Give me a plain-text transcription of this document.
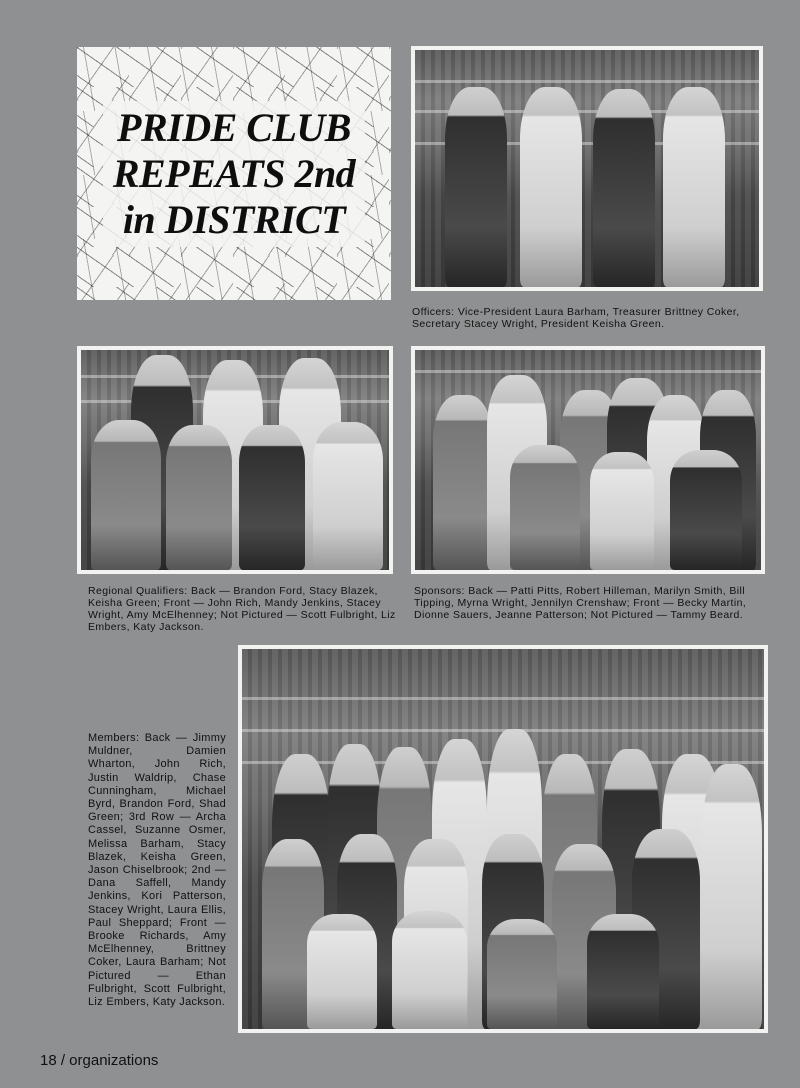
PRIDE CLUB

REPEATS 2nd

in DISTRICT

Officers: Vice-President Laura Barham, Treasurer Brittney Coker, Secretary Stacey Wright, President Keisha Green.

Regional Qualifiers: Back — Brandon Ford, Stacy Blazek, Keisha Green; Front — John Rich, Mandy Jenkins, Stacey Wright, Amy McElhenney; Not Pictured — Scott Fulbright, Liz Embers, Katy Jackson.

Sponsors: Back — Patti Pitts, Robert Hilleman, Marilyn Smith, Bill Tipping, Myrna Wright, Jennilyn Crenshaw; Front — Becky Martin, Dionne Sauers, Jeanne Patterson; Not Pictured — Tammy Beard.

Members: Back — Jimmy Muldner, Damien Wharton, John Rich, Justin Waldrip, Chase Cunningham, Michael Byrd, Brandon Ford, Shad Green; 3rd Row — Archa Cassel, Suzanne Osmer, Melissa Barham, Stacy Blazek, Keisha Green, Jason Chiselbrook; 2nd — Dana Saffell, Mandy Jenkins, Kori Patterson, Stacey Wright, Laura Ellis, Paul Sheppard; Front — Brooke Richards, Amy McElhenney, Brittney Coker, Laura Barham; Not Pictured — Ethan Fulbright, Scott Fulbright, Liz Embers, Katy Jackson.

18 / organizations
